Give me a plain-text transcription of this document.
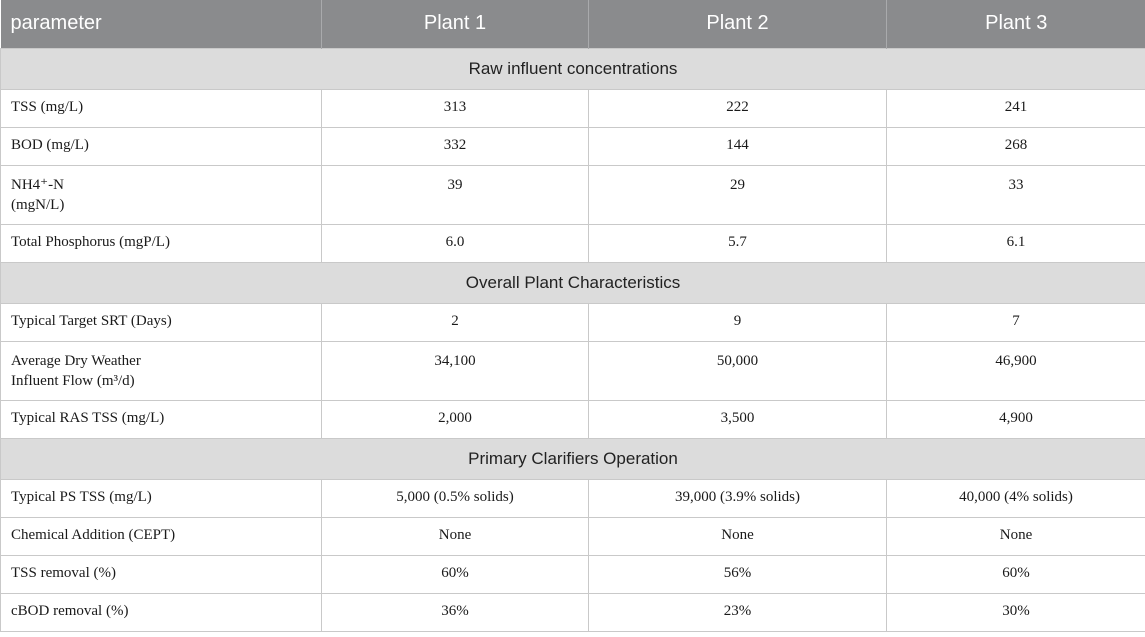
parameter	Plant 1	Plant 2	Plant 3
Raw influent concentrations			
TSS (mg/L)	313	222	241
BOD (mg/L)	332	144	268
NH4⁺-N
(mgN/L)	39	29	33
Total Phosphorus (mgP/L)	6.0	5.7	6.1
Overall Plant Characteristics			
Typical Target SRT (Days)	2	9	7
Average Dry Weather
Influent Flow (m³/d)	34,100	50,000	46,900
Typical RAS TSS (mg/L)	2,000	3,500	4,900
Primary Clarifiers Operation			
Typical PS TSS (mg/L)	5,000 (0.5% solids)	39,000 (3.9% solids)	40,000 (4% solids)
Chemical Addition (CEPT)	None	None	None
TSS removal (%)	60%	56%	60%
cBOD removal (%)	36%	23%	30%
